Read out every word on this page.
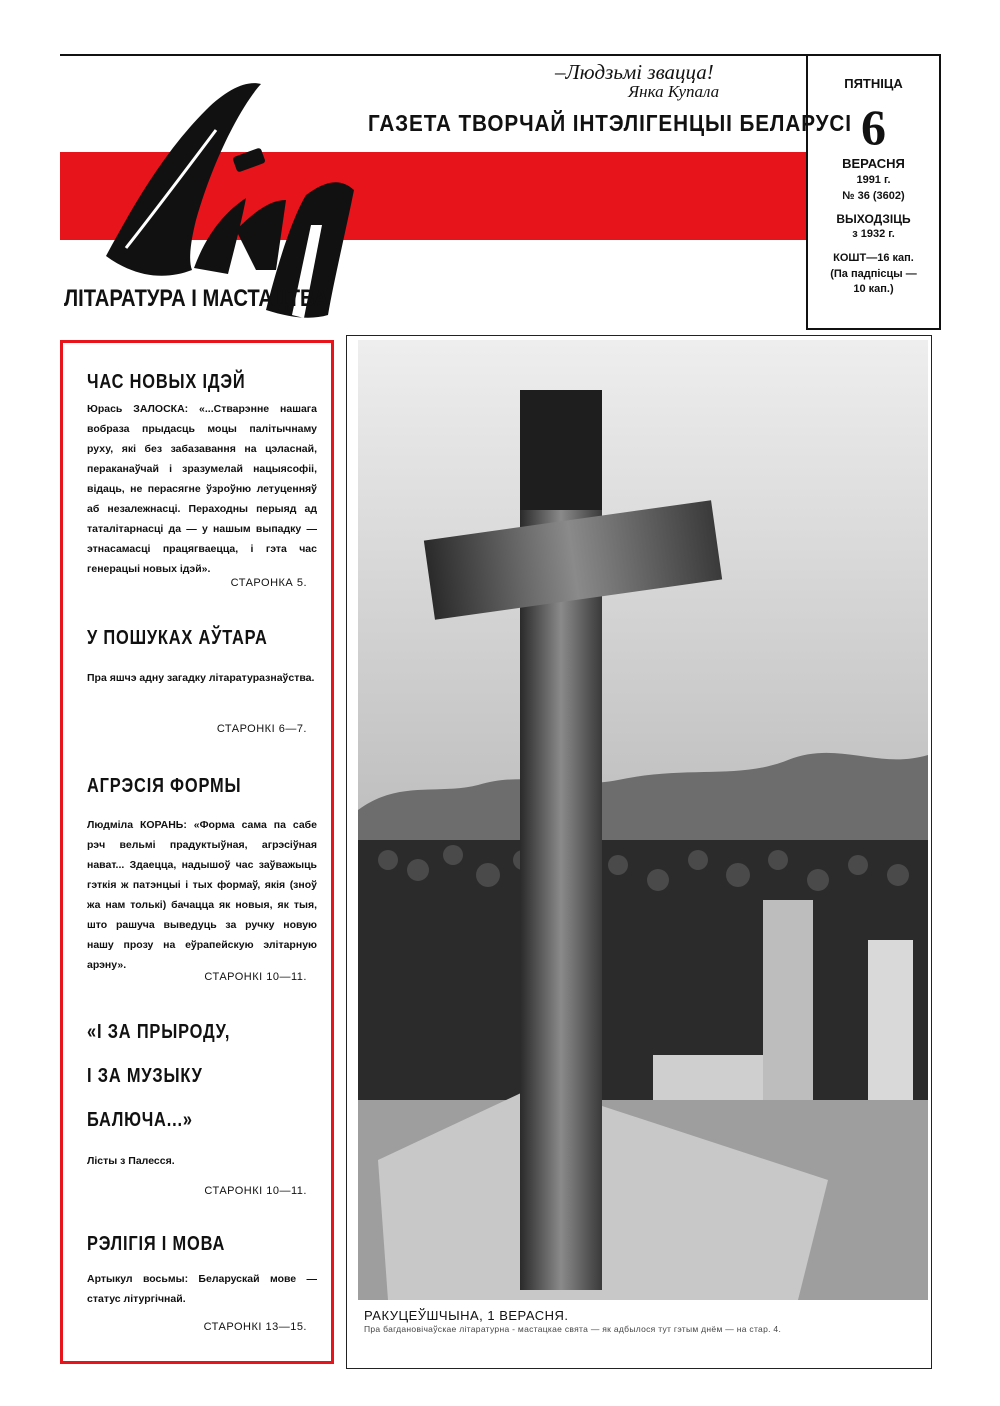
–Людзьмі звацца!
Янка Купала
ГАЗЕТА ТВОРЧАЙ ІНТЭЛІГЕНЦЫІ БЕЛАРУСІ
ЛІТАРАТУРА І МАСТАЦТВА
ПЯТНІЦА
6
ВЕРАСНЯ
1991 г.
№ 36 (3602)
ВЫХОДЗІЦЬ
з 1932 г.
КОШТ—16 кап.
(Па падпісцы —
10 кап.)
ЧАС НОВЫХ ІДЭЙ
Юрась ЗАЛОСКА: «...Стварэнне нашага вобраза прыдасць моцы палітычнаму руху, які без забазавання на цэласнай, пераканаўчай і зразумелай нацыясофіі, відаць, не перасягне ўзроўню летуценняў аб незалежнасці. Пераходны перыяд ад таталітарнасці да — у нашым выпадку — этнасамасці працягваецца, і гэта час генерацыі новых ідэй».
СТАРОНКА 5.
У ПОШУКАХ АЎТАРА
Пра яшчэ адну загадку літаратуразнаўства.
СТАРОНКІ 6—7.
АГРЭСІЯ ФОРМЫ
Людміла КОРАНЬ: «Форма сама па сабе рэч вельмі прадуктыўная, агрэсіўная нават... Здаецца, надышоў час заўважыць гэткія ж патэнцыі і тых формаў, якія (зноў жа нам толькі) бачацца як новыя, як тыя, што рашуча выведуць за ручку новую нашу прозу на еўрапейскую элітарную арэну».
СТАРОНКІ 10—11.
«І ЗА ПРЫРОДУ,
І ЗА МУЗЫКУ
БАЛЮЧА...»
Лісты з Палесся.
СТАРОНКІ 10—11.
РЭЛІГІЯ І МОВА
Артыкул восьмы: Беларускай мове — статус літургічнай.
СТАРОНКІ 13—15.
РАКУЦЕЎШЧЫНА, 1 ВЕРАСНЯ.
Пра багдановічаўскае літаратурна - мастацкае свята — як адбылося тут гэтым днём — на стар. 4.
